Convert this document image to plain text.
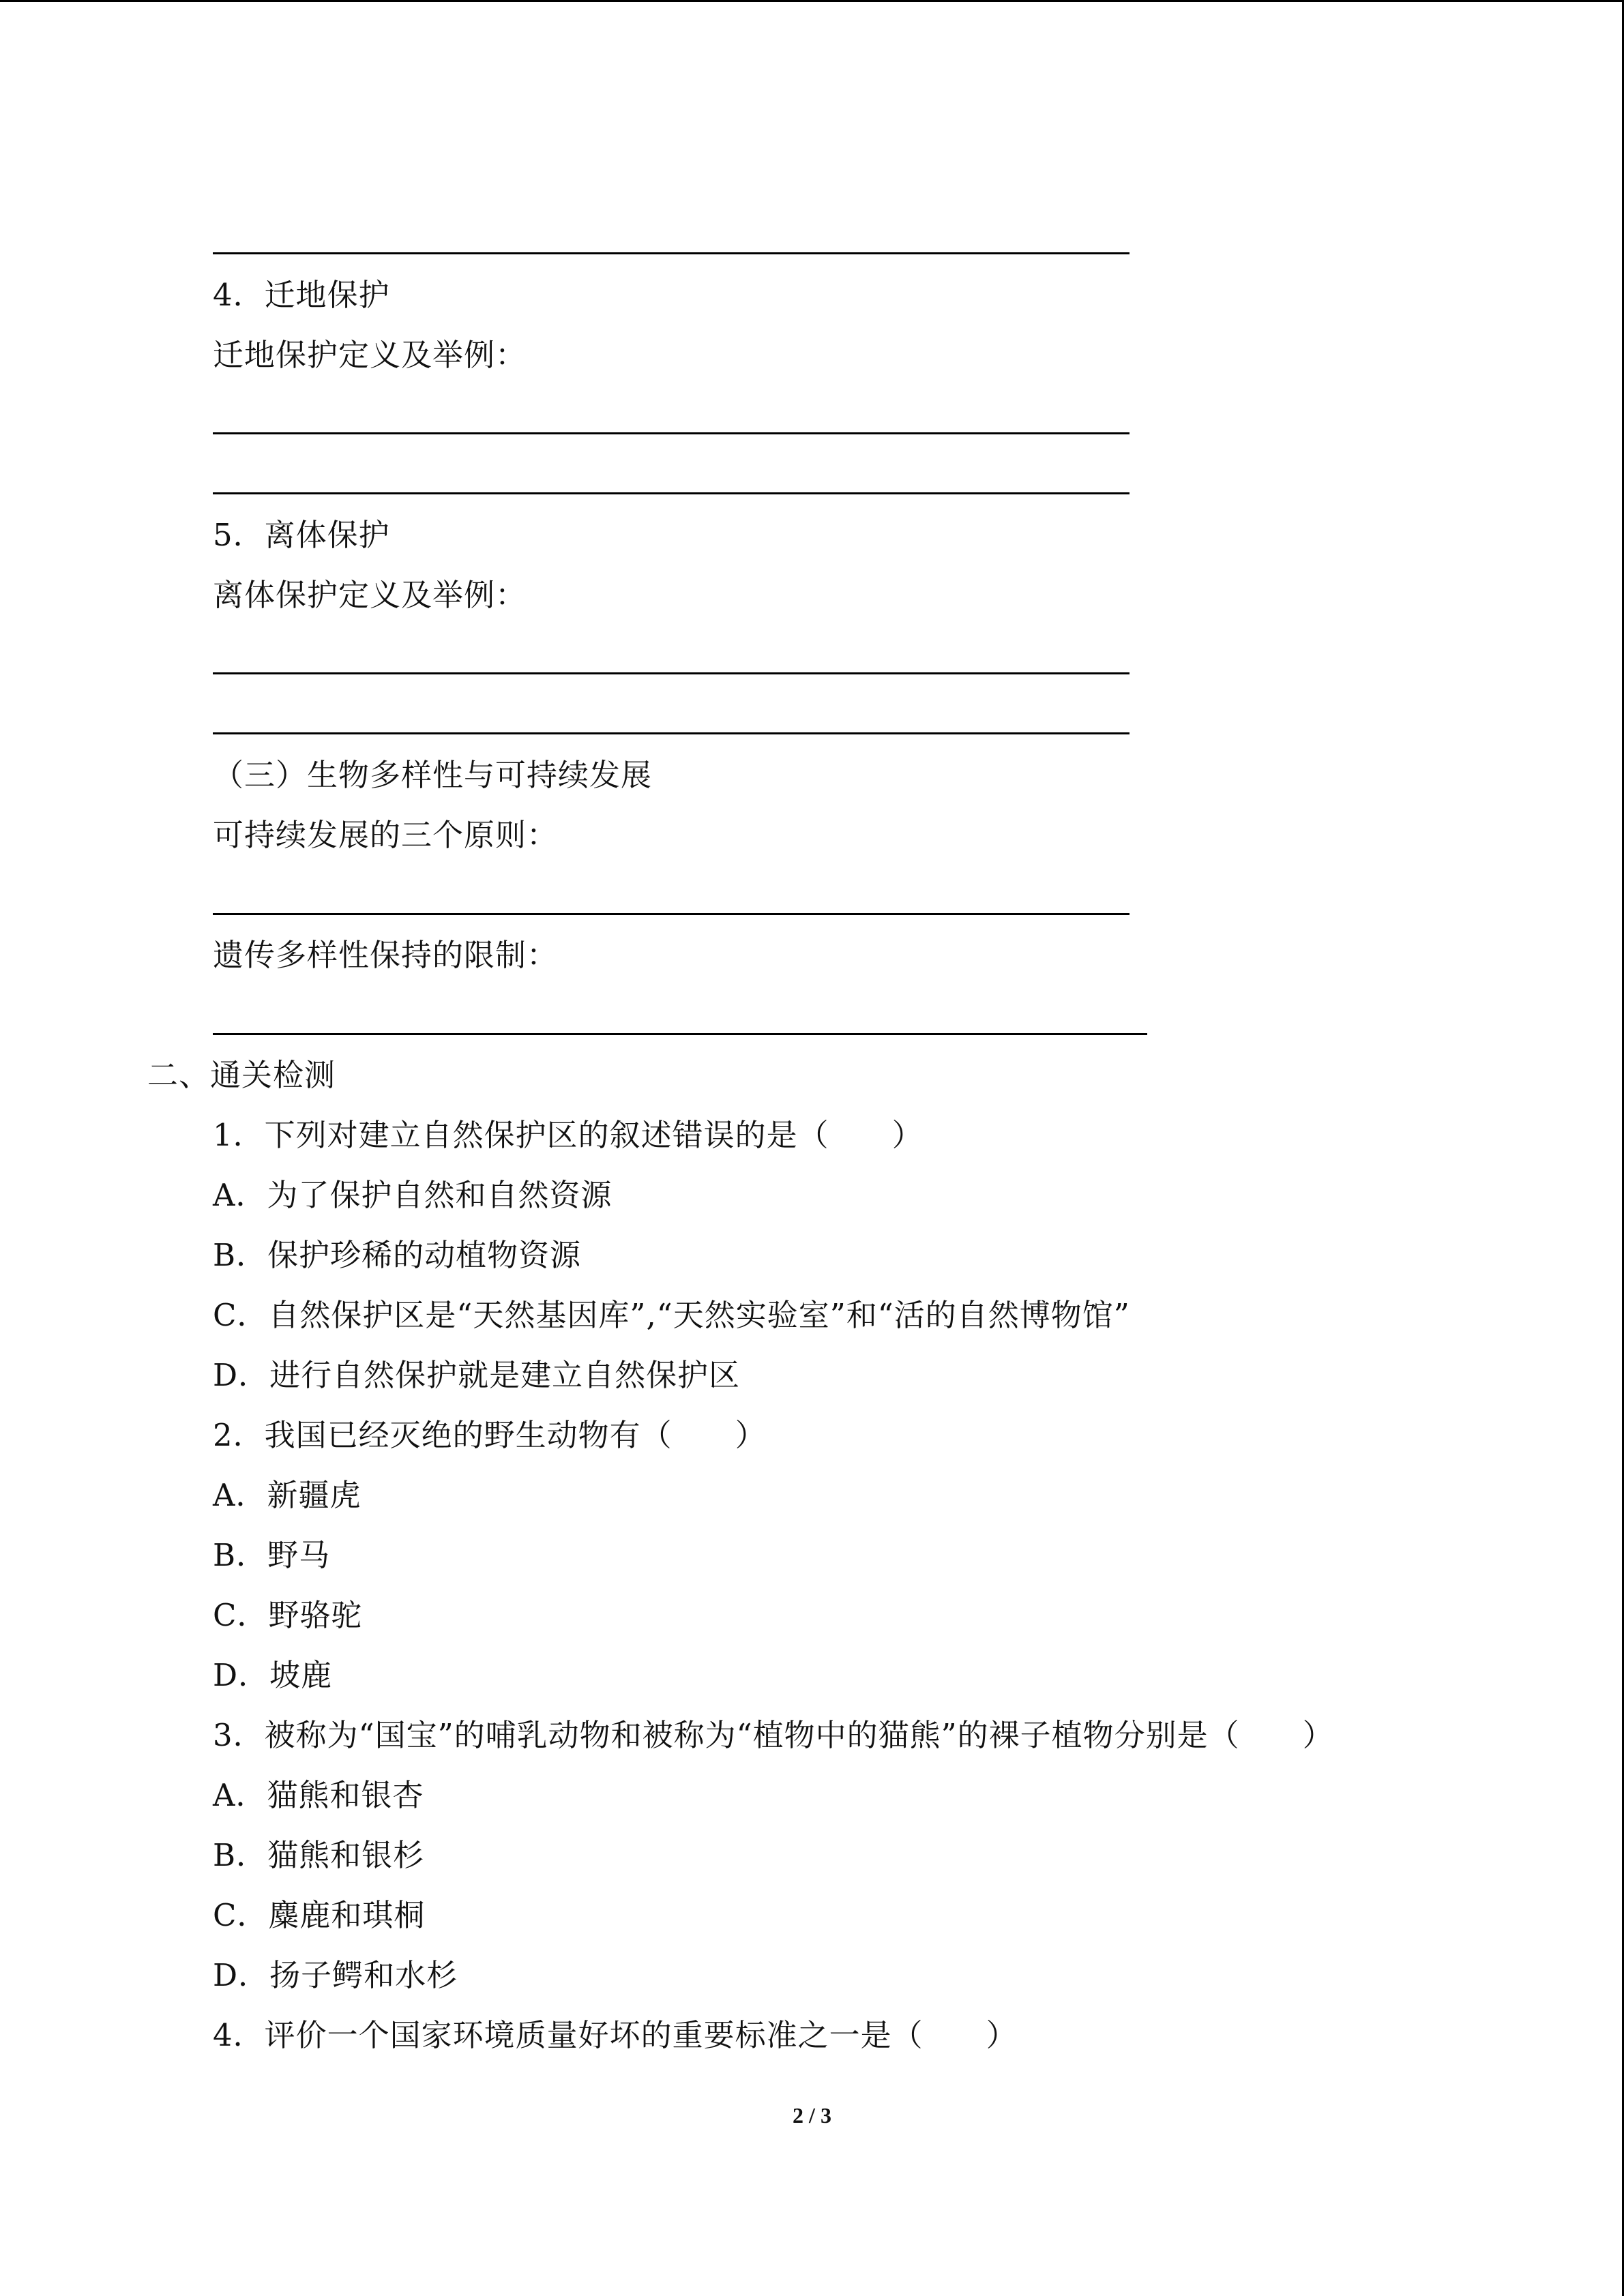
4．迁地保护
迁地保护定义及举例：
5．离体保护
离体保护定义及举例：
（三）生物多样性与可持续发展
可持续发展的三个原则：
遗传多样性保持的限制：
二、通关检测
1．下列对建立自然保护区的叙述错误的是（　　）
A．为了保护自然和自然资源
B．保护珍稀的动植物资源
C．自然保护区是“天然基因库”,“天然实验室”和“活的自然博物馆”
D．进行自然保护就是建立自然保护区
2．我国已经灭绝的野生动物有（　　）
A．新疆虎
B．野马
C．野骆驼
D．坡鹿
3．被称为“国宝”的哺乳动物和被称为“植物中的猫熊”的裸子植物分别是（　　）
A．猫熊和银杏
B．猫熊和银杉
C．麋鹿和琪桐
D．扬子鳄和水杉
4．评价一个国家环境质量好坏的重要标准之一是（　　）
2 / 3
